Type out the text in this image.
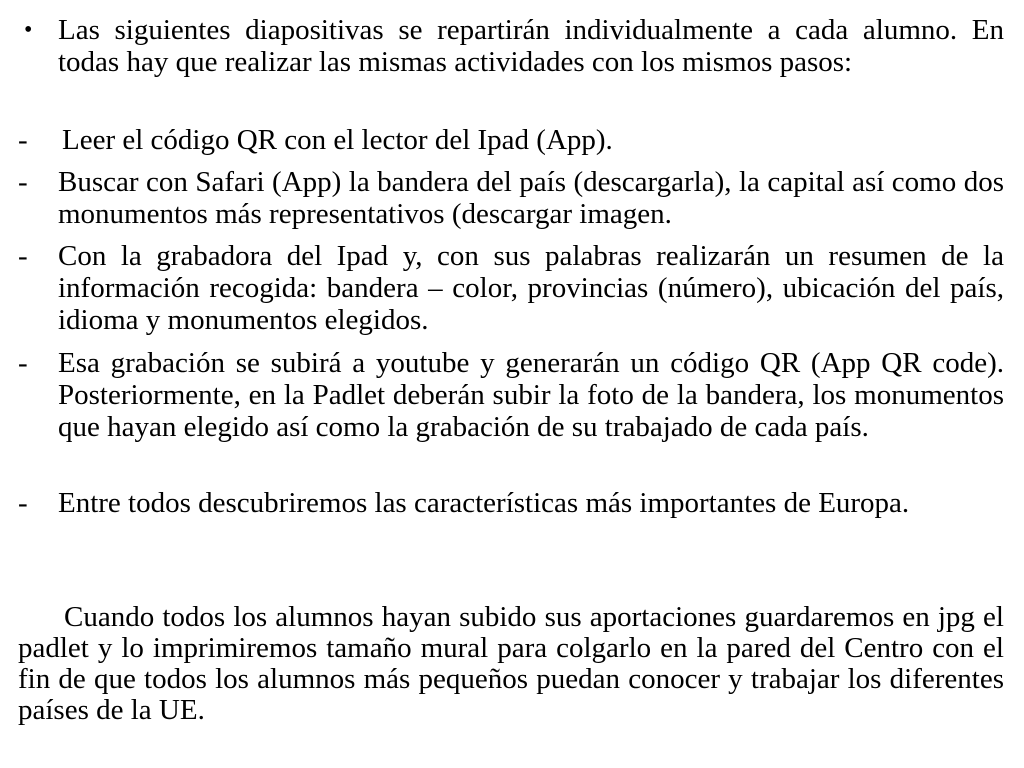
• Las siguientes diapositivas se repartirán individualmente a cada alumno. En todas hay que realizar las mismas actividades con los mismos pasos:
-	Leer el código QR con el lector del Ipad (App).
-	Buscar con Safari (App) la bandera del país (descargarla), la capital así como dos monumentos más representativos (descargar imagen.
-	Con la grabadora del Ipad y, con sus palabras realizarán un resumen de la información recogida: bandera – color, provincias (número), ubicación del país, idioma y monumentos elegidos.
-	Esa grabación se subirá a youtube y generarán un código QR (App QR code). Posteriormente, en la Padlet deberán subir la foto de la bandera, los monumentos que hayan elegido así como la grabación de su trabajado de cada país.
-	Entre todos descubriremos las características más importantes de Europa.
Cuando todos los alumnos hayan subido sus aportaciones guardaremos en jpg el padlet y lo imprimiremos tamaño mural para colgarlo en la pared del Centro con el fin de que todos los alumnos más pequeños puedan conocer y trabajar los diferentes países de la UE.
